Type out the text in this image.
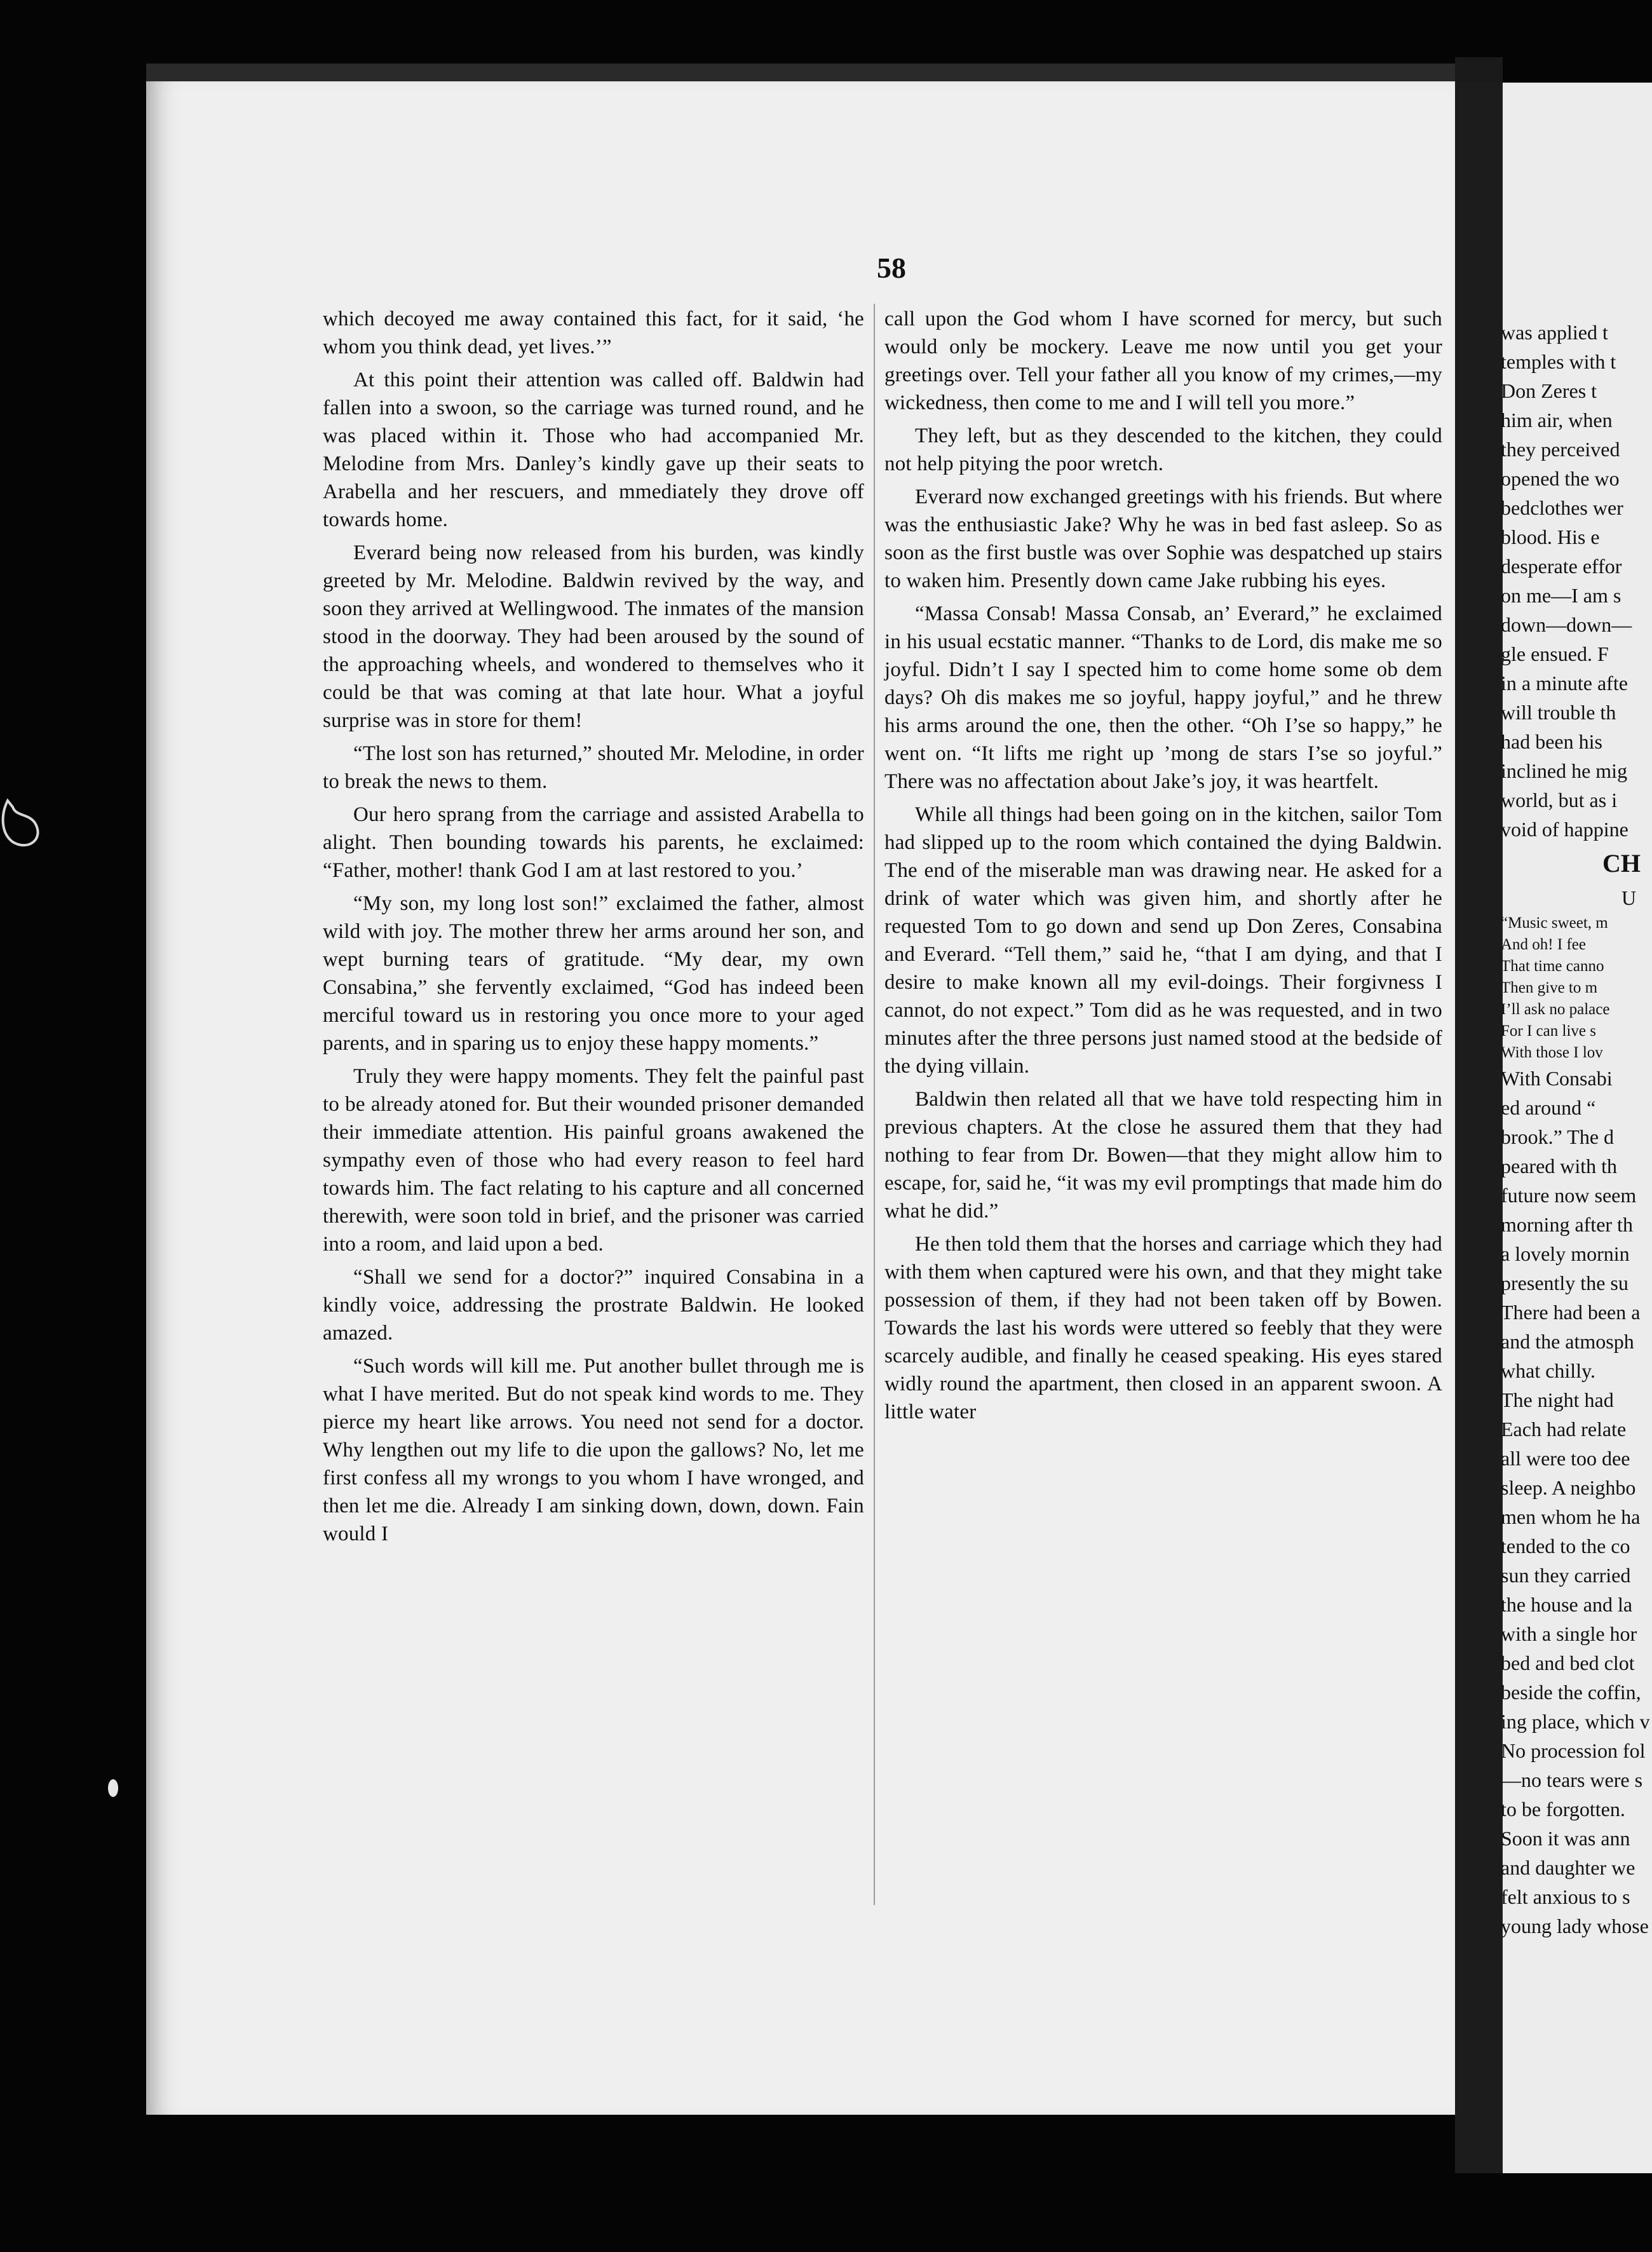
58

which decoyed me away contained this fact, for it said, ‘he whom you think dead, yet lives.’”

At this point their attention was called off. Baldwin had fallen into a swoon, so the carriage was turned round, and he was placed within it. Those who had accompanied Mr. Melodine from Mrs. Danley’s kindly gave up their seats to Arabella and her rescuers, and mmediately they drove off towards home.

Everard being now released from his burden, was kindly greeted by Mr. Melodine. Baldwin revived by the way, and soon they arrived at Wellingwood. The inmates of the mansion stood in the doorway. They had been aroused by the sound of the approaching wheels, and wondered to themselves who it could be that was coming at that late hour. What a joyful surprise was in store for them!

“The lost son has returned,” shouted Mr. Melodine, in order to break the news to them.

Our hero sprang from the carriage and assisted Arabella to alight. Then bounding towards his parents, he exclaimed: “Father, mother! thank God I am at last restored to you.’

“My son, my long lost son!” exclaimed the father, almost wild with joy. The mother threw her arms around her son, and wept burning tears of gratitude. “My dear, my own Consabina,” she fervently exclaimed, “God has indeed been merciful toward us in restoring you once more to your aged parents, and in sparing us to enjoy these happy moments.”

Truly they were happy moments. They felt the painful past to be already atoned for. But their wounded prisoner demanded their immediate attention. His painful groans awakened the sympathy even of those who had every reason to feel hard towards him. The fact relating to his capture and all concerned therewith, were soon told in brief, and the prisoner was carried into a room, and laid upon a bed.

“Shall we send for a doctor?” inquired Consabina in a kindly voice, addressing the prostrate Baldwin. He looked amazed.

“Such words will kill me. Put another bullet through me is what I have merited. But do not speak kind words to me. They pierce my heart like arrows. You need not send for a doctor. Why lengthen out my life to die upon the gallows? No, let me first confess all my wrongs to you whom I have wronged, and then let me die. Already I am sinking down, down, down. Fain would I

call upon the God whom I have scorned for mercy, but such would only be mockery. Leave me now until you get your greetings over. Tell your father all you know of my crimes,—my wickedness, then come to me and I will tell you more.”

They left, but as they descended to the kitchen, they could not help pitying the poor wretch.

Everard now exchanged greetings with his friends. But where was the enthusiastic Jake? Why he was in bed fast asleep. So as soon as the first bustle was over Sophie was despatched up stairs to waken him. Presently down came Jake rubbing his eyes.

“Massa Consab! Massa Consab, an’ Everard,” he exclaimed in his usual ecstatic manner. “Thanks to de Lord, dis make me so joyful. Didn’t I say I spected him to come home some ob dem days? Oh dis makes me so joyful, happy joyful,” and he threw his arms around the one, then the other. “Oh I’se so happy,” he went on. “It lifts me right up ’mong de stars I’se so joyful.” There was no affectation about Jake’s joy, it was heartfelt.

While all things had been going on in the kitchen, sailor Tom had slipped up to the room which contained the dying Baldwin. The end of the miserable man was drawing near. He asked for a drink of water which was given him, and shortly after he requested Tom to go down and send up Don Zeres, Consabina and Everard. “Tell them,” said he, “that I am dying, and that I desire to make known all my evil-doings. Their forgivness I cannot, do not expect.” Tom did as he was requested, and in two minutes after the three persons just named stood at the bedside of the dying villain.

Baldwin then related all that we have told respecting him in previous chapters. At the close he assured them that they had nothing to fear from Dr. Bowen—that they might allow him to escape, for, said he, “it was my evil promptings that made him do what he did.”

He then told them that the horses and carriage which they had with them when captured were his own, and that they might take possession of them, if they had not been taken off by Bowen. Towards the last his words were uttered so feebly that they were scarcely audible, and finally he ceased speaking. His eyes stared widly round the apartment, then closed in an apparent swoon. A little water

was applied t
temples with t
Don Zeres t
him air, when
they perceived
opened the wo
bedclothes wer
blood. His e
desperate effor
on me—I am s
down—down—
gle ensued. F
in a minute afte
will trouble th
had been his
inclined he mig
world, but as i
void of happine
CH
U
“Music sweet, m
And oh! I fee
That time canno
Then give to m
I’ll ask no palace
For I can live s
With those I lov
With Consabi
ed around “
brook.” The d
peared with th
future now seem
morning after th
a lovely mornin
presently the su
There had been a
and the atmosph
what chilly.
The night had
Each had relate
all were too dee
sleep. A neighbo
men whom he ha
tended to the co
sun they carried
the house and la
with a single hor
bed and bed clot
beside the coffin,
ing place, which v
No procession fol
—no tears were s
to be forgotten.
Soon it was ann
and daughter we
felt anxious to s
young lady whose
